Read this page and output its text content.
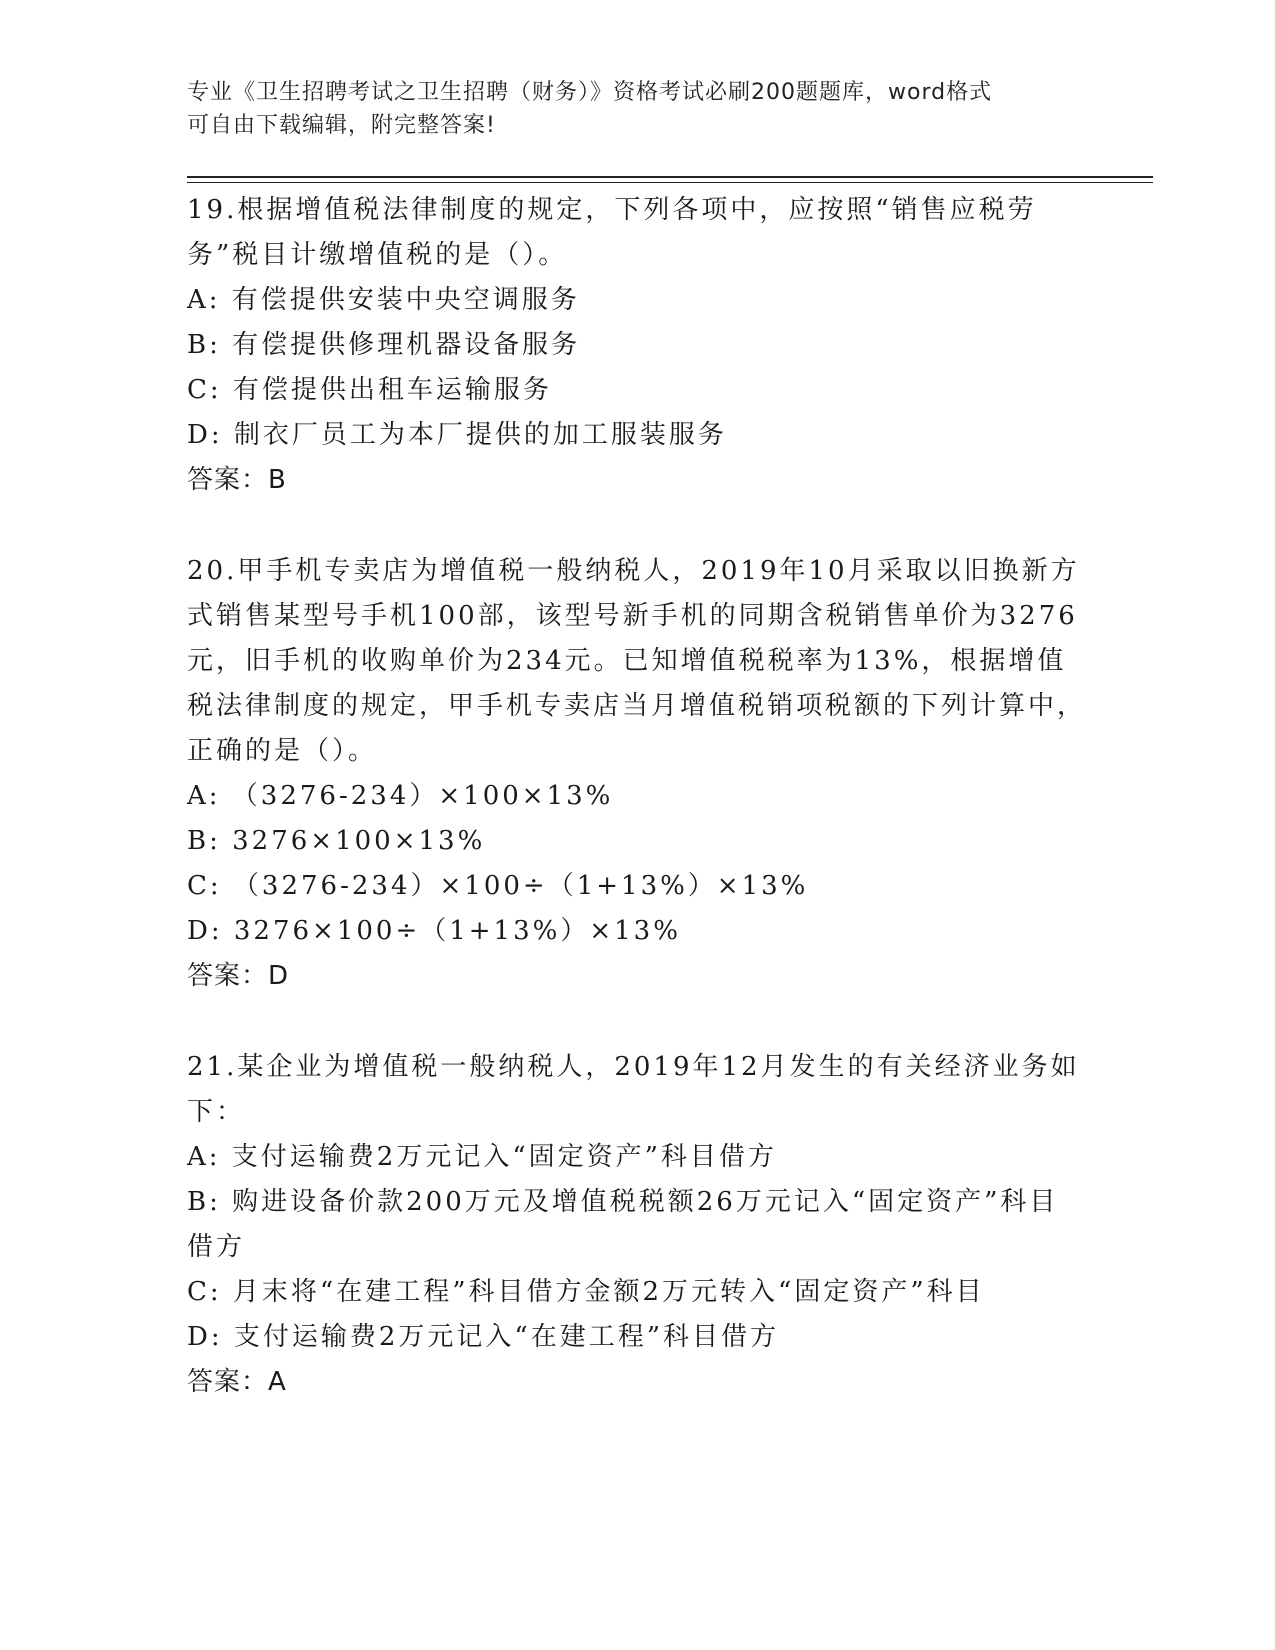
专业《卫生招聘考试之卫生招聘（财务）》资格考试必刷200题题库，word格式
可自由下载编辑，附完整答案!

19.根据增值税法律制度的规定，下列各项中，应按照“销售应税劳务”税目计缴增值税的是（）。

A: 有偿提供安装中央空调服务

B: 有偿提供修理机器设备服务

C: 有偿提供出租车运输服务

D: 制衣厂员工为本厂提供的加工服装服务

答案：B

20.甲手机专卖店为增值税一般纳税人，2019年10月采取以旧换新方式销售某型号手机100部，该型号新手机的同期含税销售单价为3276元，旧手机的收购单价为234元。已知增值税税率为13%，根据增值税法律制度的规定，甲手机专卖店当月增值税销项税额的下列计算中，正确的是（）。

A: （3276-234）×100×13%

B: 3276×100×13%

C: （3276-234）×100÷（1+13%）×13%

D: 3276×100÷（1+13%）×13%

答案：D

21.某企业为增值税一般纳税人，2019年12月发生的有关经济业务如下：

A: 支付运输费2万元记入“固定资产”科目借方

B: 购进设备价款200万元及增值税税额26万元记入“固定资产”科目借方

C: 月末将“在建工程”科目借方金额2万元转入“固定资产”科目

D: 支付运输费2万元记入“在建工程”科目借方

答案：A
